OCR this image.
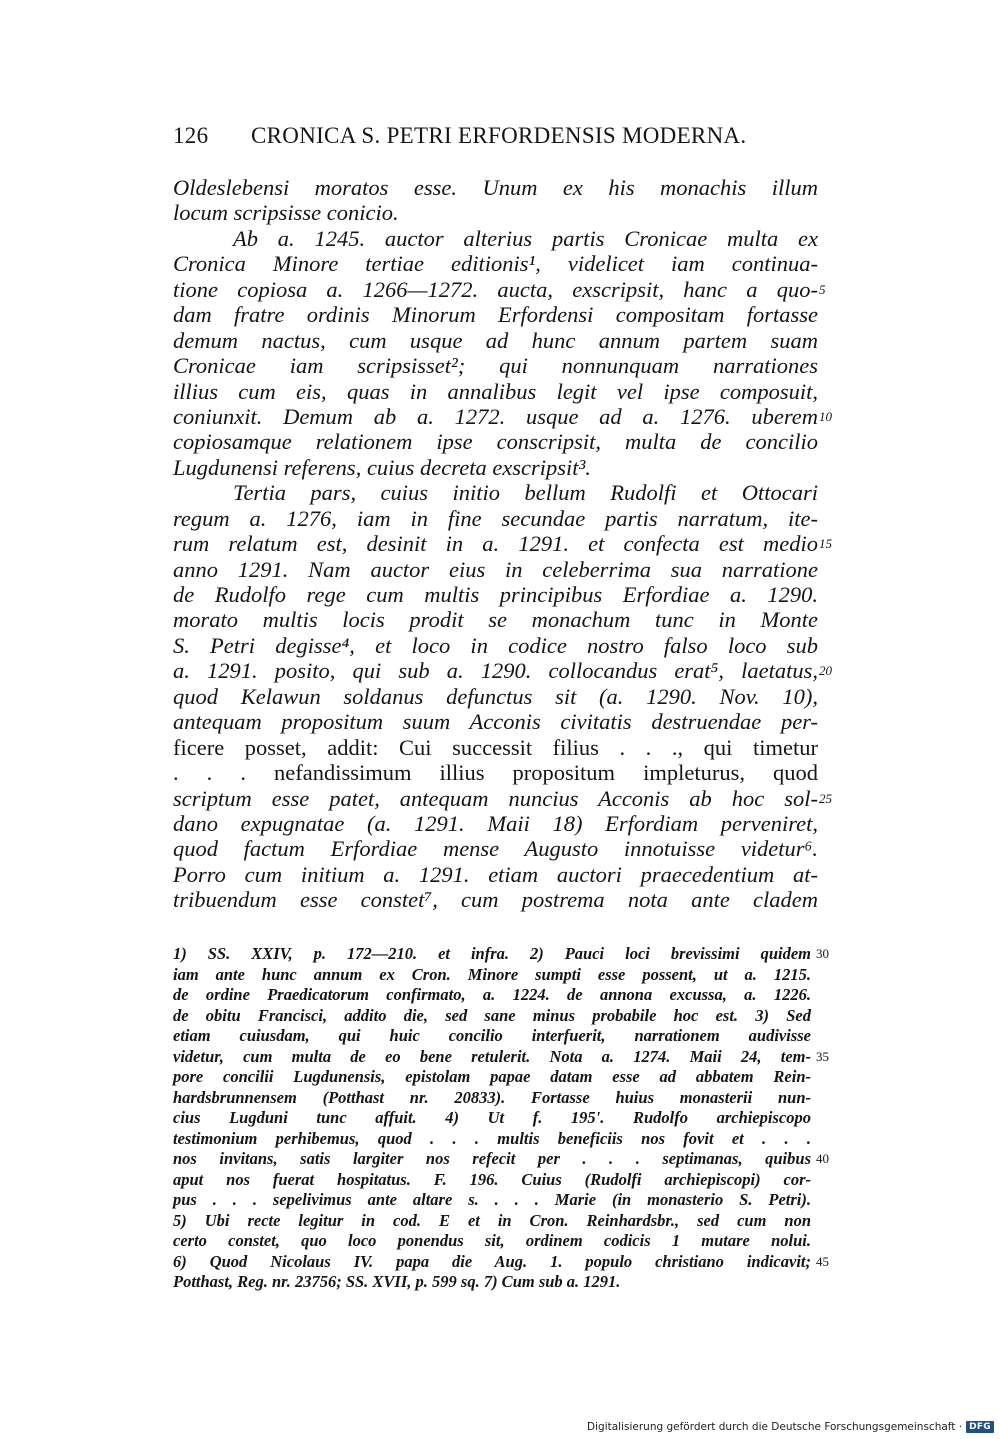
126 CRONICA S. PETRI ERFORDENSIS MODERNA.
Oldeslebensi moratos esse. Unum ex his monachis illum
locum scripsisse conicio.
Ab a. 1245. auctor alterius partis Cronicae multa ex
Cronica Minore tertiae editionis¹, videlicet iam continua-
tione copiosa a. 1266—1272. aucta, exscripsit, hanc a quo- 5
dam fratre ordinis Minorum Erfordensi compositam fortasse
demum nactus, cum usque ad hunc annum partem suam
Cronicae iam scripsisset²; qui nonnunquam narrationes
illius cum eis, quas in annalibus legit vel ipse composuit,
coniunxit. Demum ab a. 1272. usque ad a. 1276. uberem 10
copiosamque relationem ipse conscripsit, multa de concilio
Lugdunensi referens, cuius decreta exscripsit³.
Tertia pars, cuius initio bellum Rudolfi et Ottocari
regum a. 1276, iam in fine secundae partis narratum, ite-
rum relatum est, desinit in a. 1291. et confecta est medio 15
anno 1291. Nam auctor eius in celeberrima sua narratione
de Rudolfo rege cum multis principibus Erfordiae a. 1290.
morato multis locis prodit se monachum tunc in Monte
S. Petri degisse⁴, et loco in codice nostro falso loco sub
a. 1291. posito, qui sub a. 1290. collocandus erat⁵, laetatus, 20
quod Kelawun soldanus defunctus sit (a. 1290. Nov. 10),
antequam propositum suum Acconis civitatis destruendae per-
ficere posset, addit: Cui successit filius . . ., qui timetur
. . . nefandissimum illius propositum impleturus, quod
scriptum esse patet, antequam nuncius Acconis ab hoc sol- 25
dano expugnatae (a. 1291. Maii 18) Erfordiam perveniret,
quod factum Erfordiae mense Augusto innotuisse videtur⁶.
Porro cum initium a. 1291. etiam auctori praecedentium at-
tribuendum esse constet⁷, cum postrema nota ante cladem
1) SS. XXIV, p. 172—210. et infra. 2) Pauci loci brevissimi quidem 30
iam ante hunc annum ex Cron. Minore sumpti esse possent, ut a. 1215.
de ordine Praedicatorum confirmato, a. 1224. de annona excussa, a. 1226.
de obitu Francisci, addito die, sed sane minus probabile hoc est. 3) Sed
etiam cuiusdam, qui huic concilio interfuerit, narrationem audivisse
videtur, cum multa de eo bene retulerit. Nota a. 1274. Maii 24, tem- 35
pore concilii Lugdunensis, epistolam papae datam esse ad abbatem Rein-
hardsbrunnensem (Potthast nr. 20833). Fortasse huius monasterii nun-
cius Lugduni tunc affuit. 4) Ut f. 195'. Rudolfo archiepiscopo
testimonium perhibemus, quod . . . multis beneficiis nos fovit et . . .
nos invitans, satis largiter nos refecit per . . . septimanas, quibus 40
aput nos fuerat hospitatus. F. 196. Cuius (Rudolfi archiepiscopi) cor-
pus . . . sepelivimus ante altare s. . . . Marie (in monasterio S. Petri).
5) Ubi recte legitur in cod. E et in Cron. Reinhardsbr., sed cum non
certo constet, quo loco ponendus sit, ordinem codicis 1 mutare nolui.
6) Quod Nicolaus IV. papa die Aug. 1. populo christiano indicavit; 45
Potthast, Reg. nr. 23756; SS. XVII, p. 599 sq. 7) Cum sub a. 1291.
Digitalisierung gefördert durch die Deutsche Forschungsgemeinschaft · DFG
